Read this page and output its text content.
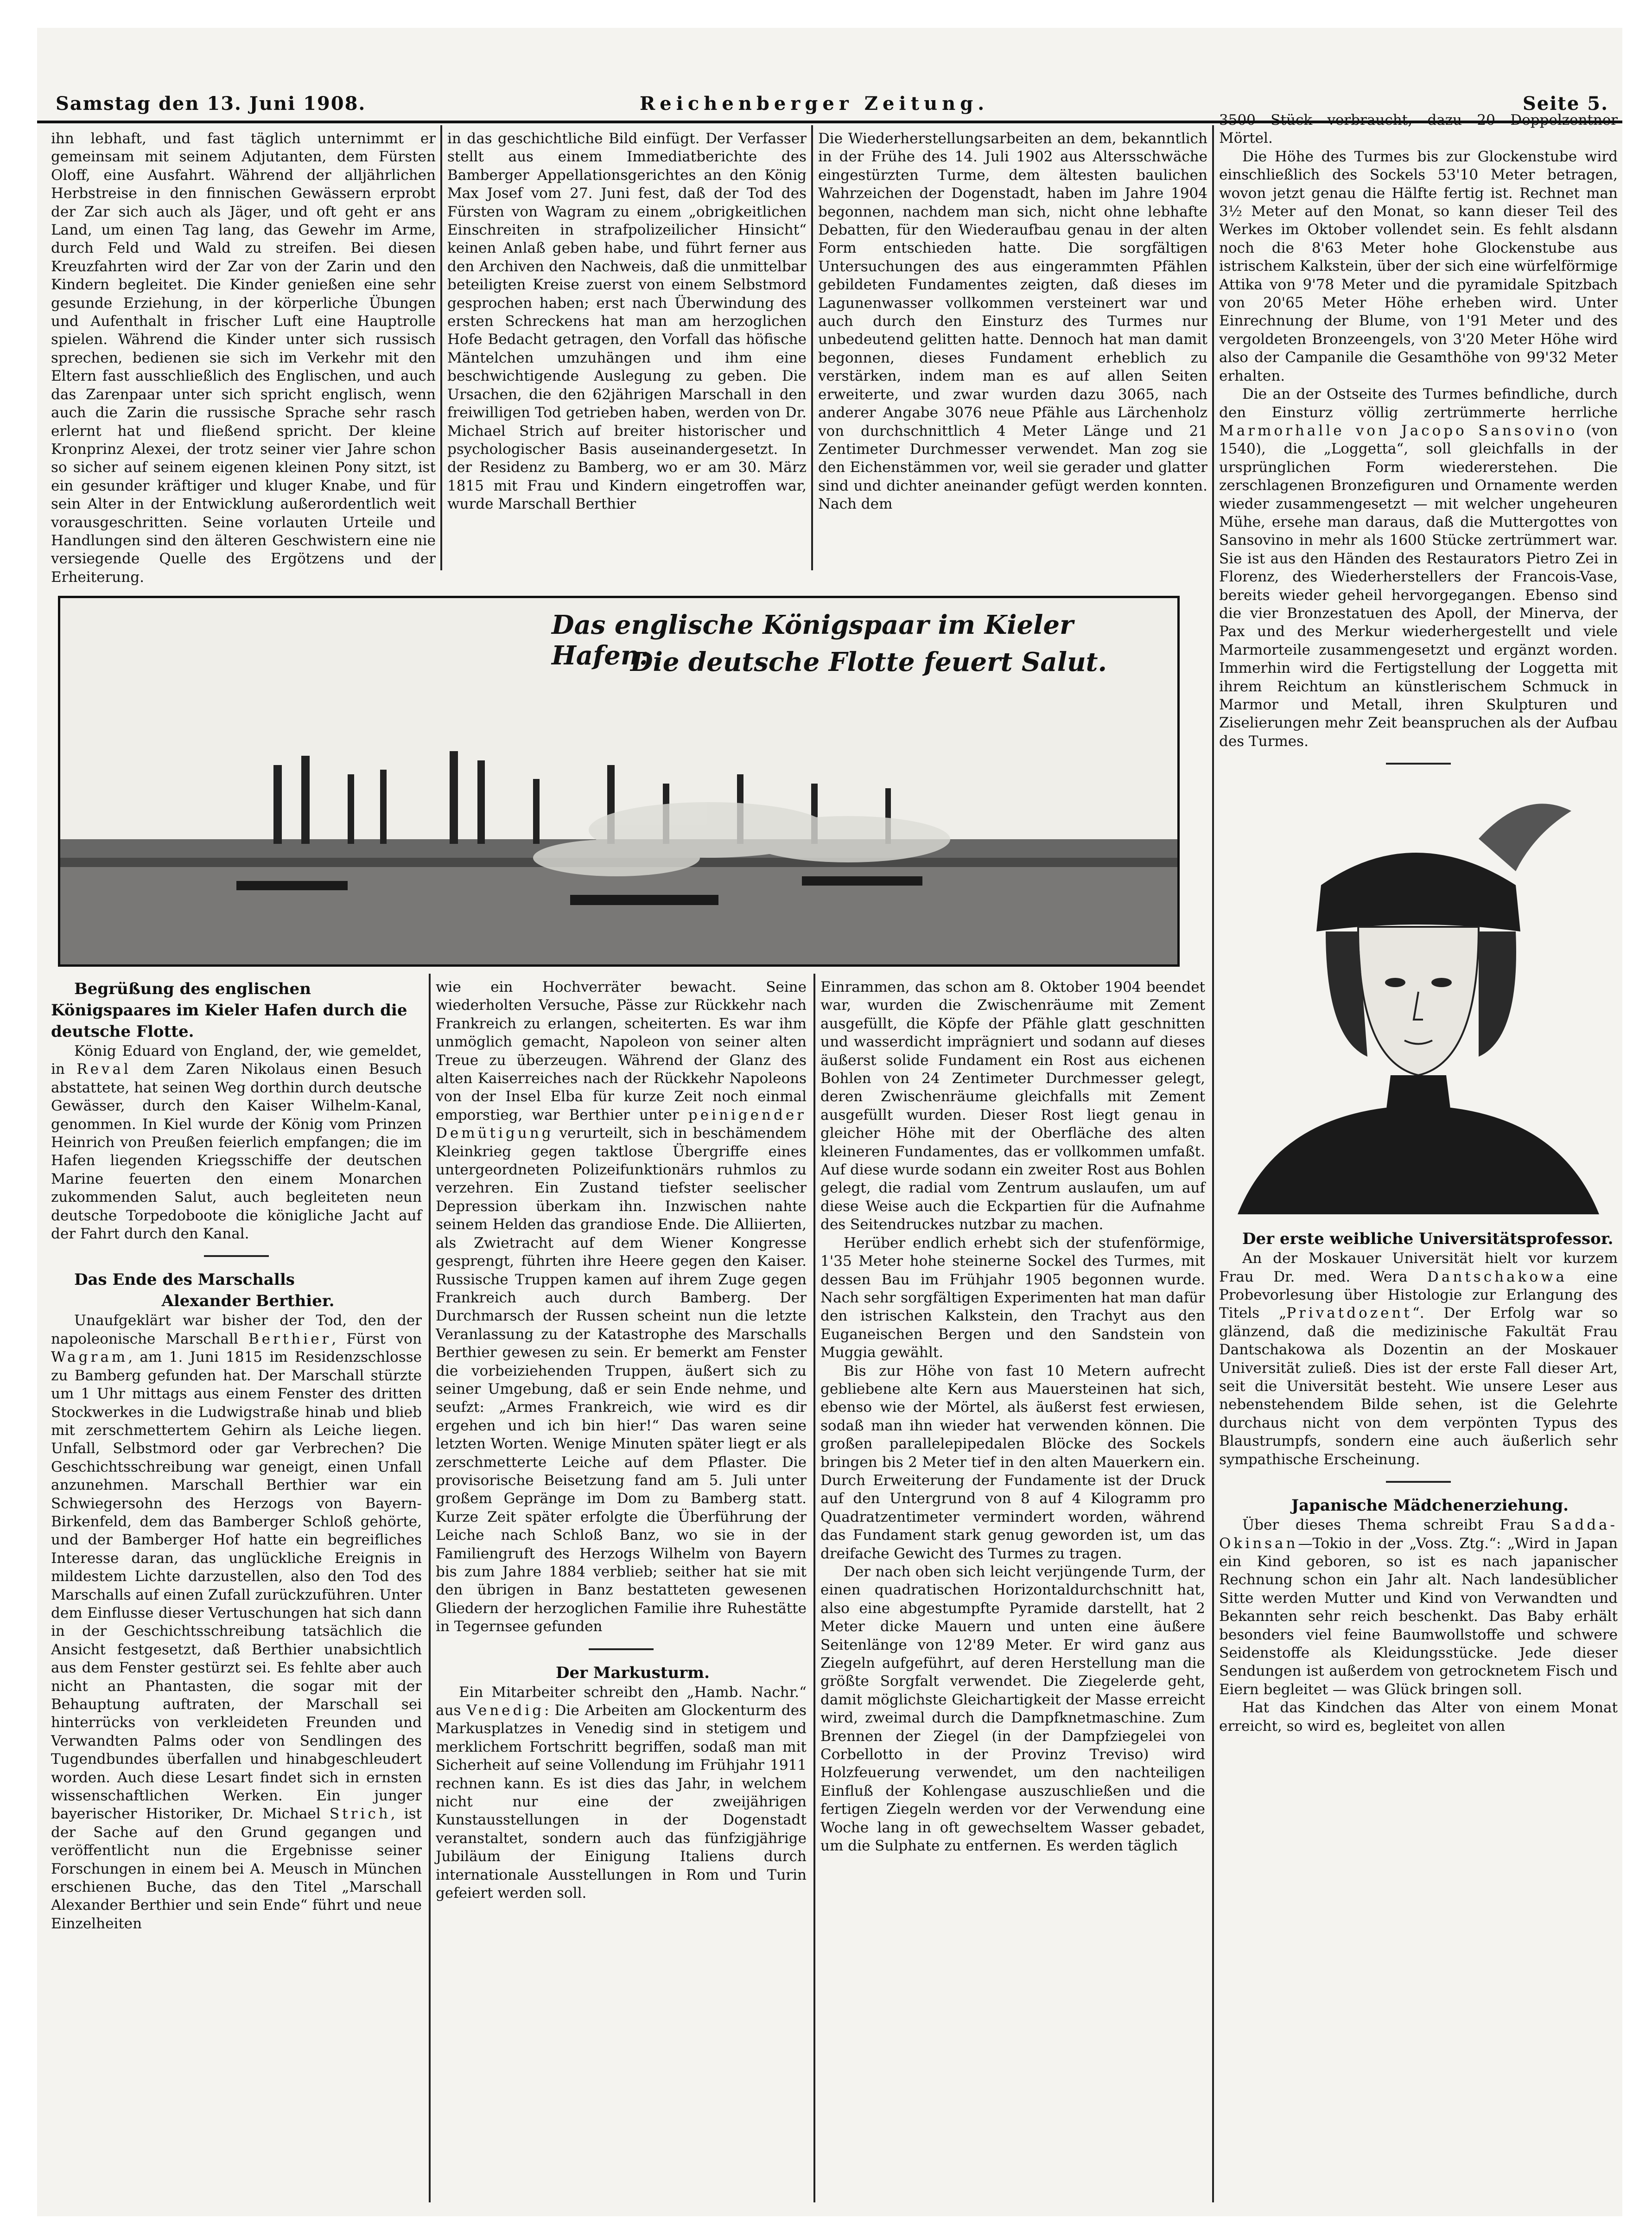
Samstag den 13. Juni 1908.	Reichenberger Zeitung.	Seite 5.

ihn lebhaft, und fast täglich unternimmt er gemeinsam mit seinem Adjutanten, dem Fürsten Oloff, eine Ausfahrt. Während der alljährlichen Herbstreise in den finnischen Gewässern erprobt der Zar sich auch als Jäger, und oft geht er ans Land, um einen Tag lang, das Gewehr im Arme, durch Feld und Wald zu streifen. Bei diesen Kreuzfahrten wird der Zar von der Zarin und den Kindern begleitet. Die Kinder genießen eine sehr gesunde Erziehung, in der körperliche Übungen und Aufenthalt in frischer Luft eine Hauptrolle spielen. Während die Kinder unter sich russisch sprechen, bedienen sie sich im Verkehr mit den Eltern fast ausschließlich des Englischen, und auch das Zarenpaar unter sich spricht englisch, wenn auch die Zarin die russische Sprache sehr rasch erlernt hat und fließend spricht. Der kleine Kronprinz Alexei, der trotz seiner vier Jahre schon so sicher auf seinem eigenen kleinen Pony sitzt, ist ein gesunder kräftiger und kluger Knabe, und für sein Alter in der Entwicklung außerordentlich weit vorausgeschritten. Seine vorlauten Urteile und Handlungen sind den älteren Geschwistern eine nie versiegende Quelle des Ergötzens und der Erheiterung.

in das geschichtliche Bild einfügt. Der Verfasser stellt aus einem Immediatberichte des Bamberger Appellationsgerichtes an den König Max Josef vom 27. Juni fest, daß der Tod des Fürsten von Wagram zu einem „obrigkeitlichen Einschreiten in strafpolizeilicher Hinsicht“ keinen Anlaß geben habe, und führt ferner aus den Archiven den Nachweis, daß die unmittelbar beteiligten Kreise zuerst von einem Selbstmord gesprochen haben; erst nach Überwindung des ersten Schreckens hat man am herzoglichen Hofe Bedacht getragen, den Vorfall das höfische Mäntelchen umzuhängen und ihm eine beschwichtigende Auslegung zu geben. Die Ursachen, die den 62jährigen Marschall in den freiwilligen Tod getrieben haben, werden von Dr. Michael Strich auf breiter historischer und psychologischer Basis auseinandergesetzt. In der Residenz zu Bamberg, wo er am 30. März 1815 mit Frau und Kindern eingetroffen war, wurde Marschall Berthier

Die Wiederherstellungsarbeiten an dem, bekanntlich in der Frühe des 14. Juli 1902 aus Altersschwäche eingestürzten Turme, dem ältesten baulichen Wahrzeichen der Dogenstadt, haben im Jahre 1904 begonnen, nachdem man sich, nicht ohne lebhafte Debatten, für den Wiederaufbau genau in der alten Form entschieden hatte. Die sorgfältigen Untersuchungen des aus eingerammten Pfählen gebildeten Fundamentes zeigten, daß dieses im Lagunenwasser vollkommen versteinert war und auch durch den Einsturz des Turmes nur unbedeutend gelitten hatte. Dennoch hat man damit begonnen, dieses Fundament erheblich zu verstärken, indem man es auf allen Seiten erweiterte, und zwar wurden dazu 3065, nach anderer Angabe 3076 neue Pfähle aus Lärchenholz von durchschnittlich 4 Meter Länge und 21 Zentimeter Durchmesser verwendet. Man zog sie den Eichenstämmen vor, weil sie gerader und glatter sind und dichter aneinander gefügt werden konnten. Nach dem

Das englische Königspaar im Kieler Hafen:
Die deutsche Flotte feuert Salut.

3500 Stück verbraucht, dazu 20 Doppelzentner Mörtel.

Die Höhe des Turmes bis zur Glockenstube wird einschließlich des Sockels 53'10 Meter betragen, wovon jetzt genau die Hälfte fertig ist. Rechnet man 3½ Meter auf den Monat, so kann dieser Teil des Werkes im Oktober vollendet sein. Es fehlt alsdann noch die 8'63 Meter hohe Glockenstube aus istrischem Kalkstein, über der sich eine würfelförmige Attika von 9'78 Meter und die pyramidale Spitzbach von 20'65 Meter Höhe erheben wird. Unter Einrechnung der Blume, von 1'91 Meter und des vergoldeten Bronzeengels, von 3'20 Meter Höhe wird also der Campanile die Gesamthöhe von 99'32 Meter erhalten.

Die an der Ostseite des Turmes befindliche, durch den Einsturz völlig zertrümmerte herrliche Marmorhalle von Jacopo Sansovino (von 1540), die „Loggetta“, soll gleichfalls in der ursprünglichen Form wiedererstehen. Die zerschlagenen Bronzefiguren und Ornamente werden wieder zusammengesetzt — mit welcher ungeheuren Mühe, ersehe man daraus, daß die Muttergottes von Sansovino in mehr als 1600 Stücke zertrümmert war. Sie ist aus den Händen des Restaurators Pietro Zei in Florenz, des Wiederherstellers der Francois-Vase, bereits wieder geheil hervorgegangen. Ebenso sind die vier Bronzestatuen des Apoll, der Minerva, der Pax und des Merkur wiederhergestellt und viele Marmorteile zusammengesetzt und ergänzt worden. Immerhin wird die Fertigstellung der Loggetta mit ihrem Reichtum an künstlerischem Schmuck in Marmor und Metall, ihren Skulpturen und Ziselierungen mehr Zeit beanspruchen als der Aufbau des Turmes.

Der erste weibliche Universitätsprofessor.

An der Moskauer Universität hielt vor kurzem Frau Dr. med. Wera Dantschakowa eine Probevorlesung über Histologie zur Erlangung des Titels „Privatdozent“. Der Erfolg war so glänzend, daß die medizinische Fakultät Frau Dantschakowa als Dozentin an der Moskauer Universität zuließ. Dies ist der erste Fall dieser Art, seit die Universität besteht. Wie unsere Leser aus nebenstehendem Bilde sehen, ist die Gelehrte durchaus nicht von dem verpönten Typus des Blaustrumpfs, sondern eine auch äußerlich sehr sympathische Erscheinung.

Japanische Mädchenerziehung.

Über dieses Thema schreibt Frau Sadda-Okinsan—Tokio in der „Voss. Ztg.“: „Wird in Japan ein Kind geboren, so ist es nach japanischer Rechnung schon ein Jahr alt. Nach landesüblicher Sitte werden Mutter und Kind von Verwandten und Bekannten sehr reich beschenkt. Das Baby erhält besonders viel feine Baumwollstoffe und schwere Seidenstoffe als Kleidungsstücke. Jede dieser Sendungen ist außerdem von getrocknetem Fisch und Eiern begleitet — was Glück bringen soll.

Hat das Kindchen das Alter von einem Monat erreicht, so wird es, begleitet von allen

Begrüßung des englischen Königspaares im Kieler Hafen durch die deutsche Flotte.

König Eduard von England, der, wie gemeldet, in Reval dem Zaren Nikolaus einen Besuch abstattete, hat seinen Weg dorthin durch deutsche Gewässer, durch den Kaiser Wilhelm-Kanal, genommen. In Kiel wurde der König vom Prinzen Heinrich von Preußen feierlich empfangen; die im Hafen liegenden Kriegsschiffe der deutschen Marine feuerten den einem Monarchen zukommenden Salut, auch begleiteten neun deutsche Torpedoboote die königliche Jacht auf der Fahrt durch den Kanal.

Das Ende des Marschalls

Alexander Berthier.

Unaufgeklärt war bisher der Tod, den der napoleonische Marschall Berthier, Fürst von Wagram, am 1. Juni 1815 im Residenzschlosse zu Bamberg gefunden hat. Der Marschall stürzte um 1 Uhr mittags aus einem Fenster des dritten Stockwerkes in die Ludwigstraße hinab und blieb mit zerschmettertem Gehirn als Leiche liegen. Unfall, Selbstmord oder gar Verbrechen? Die Geschichtsschreibung war geneigt, einen Unfall anzunehmen. Marschall Berthier war ein Schwiegersohn des Herzogs von Bayern-Birkenfeld, dem das Bamberger Schloß gehörte, und der Bamberger Hof hatte ein begreifliches Interesse daran, das unglückliche Ereignis in mildestem Lichte darzustellen, also den Tod des Marschalls auf einen Zufall zurückzuführen. Unter dem Einflusse dieser Vertuschungen hat sich dann in der Geschichtsschreibung tatsächlich die Ansicht festgesetzt, daß Berthier unabsichtlich aus dem Fenster gestürzt sei. Es fehlte aber auch nicht an Phantasten, die sogar mit der Behauptung auftraten, der Marschall sei hinterrücks von verkleideten Freunden und Verwandten Palms oder von Sendlingen des Tugendbundes überfallen und hinabgeschleudert worden. Auch diese Lesart findet sich in ernsten wissenschaftlichen Werken. Ein junger bayerischer Historiker, Dr. Michael Strich, ist der Sache auf den Grund gegangen und veröffentlicht nun die Ergebnisse seiner Forschungen in einem bei A. Meusch in München erschienen Buche, das den Titel „Marschall Alexander Berthier und sein Ende“ führt und neue Einzelheiten

wie ein Hochverräter bewacht. Seine wiederholten Versuche, Pässe zur Rückkehr nach Frankreich zu erlangen, scheiterten. Es war ihm unmöglich gemacht, Napoleon von seiner alten Treue zu überzeugen. Während der Glanz des alten Kaiserreiches nach der Rückkehr Napoleons von der Insel Elba für kurze Zeit noch einmal emporstieg, war Berthier unter peinigender Demütigung verurteilt, sich in beschämendem Kleinkrieg gegen taktlose Übergriffe eines untergeordneten Polizeifunktionärs ruhmlos zu verzehren. Ein Zustand tiefster seelischer Depression überkam ihn. Inzwischen nahte seinem Helden das grandiose Ende. Die Alliierten, als Zwietracht auf dem Wiener Kongresse gesprengt, führten ihre Heere gegen den Kaiser. Russische Truppen kamen auf ihrem Zuge gegen Frankreich auch durch Bamberg. Der Durchmarsch der Russen scheint nun die letzte Veranlassung zu der Katastrophe des Marschalls Berthier gewesen zu sein. Er bemerkt am Fenster die vorbeiziehenden Truppen, äußert sich zu seiner Umgebung, daß er sein Ende nehme, und seufzt: „Armes Frankreich, wie wird es dir ergehen und ich bin hier!“ Das waren seine letzten Worten. Wenige Minuten später liegt er als zerschmetterte Leiche auf dem Pflaster. Die provisorische Beisetzung fand am 5. Juli unter großem Gepränge im Dom zu Bamberg statt. Kurze Zeit später erfolgte die Überführung der Leiche nach Schloß Banz, wo sie in der Familiengruft des Herzogs Wilhelm von Bayern bis zum Jahre 1884 verblieb; seither hat sie mit den übrigen in Banz bestatteten gewesenen Gliedern der herzoglichen Familie ihre Ruhestätte in Tegernsee gefunden

Der Markusturm.

Ein Mitarbeiter schreibt den „Hamb. Nachr.“ aus Venedig: Die Arbeiten am Glockenturm des Markusplatzes in Venedig sind in stetigem und merklichem Fortschritt begriffen, sodaß man mit Sicherheit auf seine Vollendung im Frühjahr 1911 rechnen kann. Es ist dies das Jahr, in welchem nicht nur eine der zweijährigen Kunstausstellungen in der Dogenstadt veranstaltet, sondern auch das fünfzigjährige Jubiläum der Einigung Italiens durch internationale Ausstellungen in Rom und Turin gefeiert werden soll.

Einrammen, das schon am 8. Oktober 1904 beendet war, wurden die Zwischenräume mit Zement ausgefüllt, die Köpfe der Pfähle glatt geschnitten und wasserdicht imprägniert und sodann auf dieses äußerst solide Fundament ein Rost aus eichenen Bohlen von 24 Zentimeter Durchmesser gelegt, deren Zwischenräume gleichfalls mit Zement ausgefüllt wurden. Dieser Rost liegt genau in gleicher Höhe mit der Oberfläche des alten kleineren Fundamentes, das er vollkommen umfaßt. Auf diese wurde sodann ein zweiter Rost aus Bohlen gelegt, die radial vom Zentrum auslaufen, um auf diese Weise auch die Eckpartien für die Aufnahme des Seitendruckes nutzbar zu machen.

Herüber endlich erhebt sich der stufenförmige, 1'35 Meter hohe steinerne Sockel des Turmes, mit dessen Bau im Frühjahr 1905 begonnen wurde. Nach sehr sorgfältigen Experimenten hat man dafür den istrischen Kalkstein, den Trachyt aus den Euganeischen Bergen und den Sandstein von Muggia gewählt.

Bis zur Höhe von fast 10 Metern aufrecht gebliebene alte Kern aus Mauersteinen hat sich, ebenso wie der Mörtel, als äußerst fest erwiesen, sodaß man ihn wieder hat verwenden können. Die großen parallelepipedalen Blöcke des Sockels bringen bis 2 Meter tief in den alten Mauerkern ein. Durch Erweiterung der Fundamente ist der Druck auf den Untergrund von 8 auf 4 Kilogramm pro Quadratzentimeter vermindert worden, während das Fundament stark genug geworden ist, um das dreifache Gewicht des Turmes zu tragen.

Der nach oben sich leicht verjüngende Turm, der einen quadratischen Horizontaldurchschnitt hat, also eine abgestumpfte Pyramide darstellt, hat 2 Meter dicke Mauern und unten eine äußere Seitenlänge von 12'89 Meter. Er wird ganz aus Ziegeln aufgeführt, auf deren Herstellung man die größte Sorgfalt verwendet. Die Ziegelerde geht, damit möglichste Gleichartigkeit der Masse erreicht wird, zweimal durch die Dampfknetmaschine. Zum Brennen der Ziegel (in der Dampfziegelei von Corbellotto in der Provinz Treviso) wird Holzfeuerung verwendet, um den nachteiligen Einfluß der Kohlengase auszuschließen und die fertigen Ziegeln werden vor der Verwendung eine Woche lang in oft gewechseltem Wasser gebadet, um die Sulphate zu entfernen. Es werden täglich
